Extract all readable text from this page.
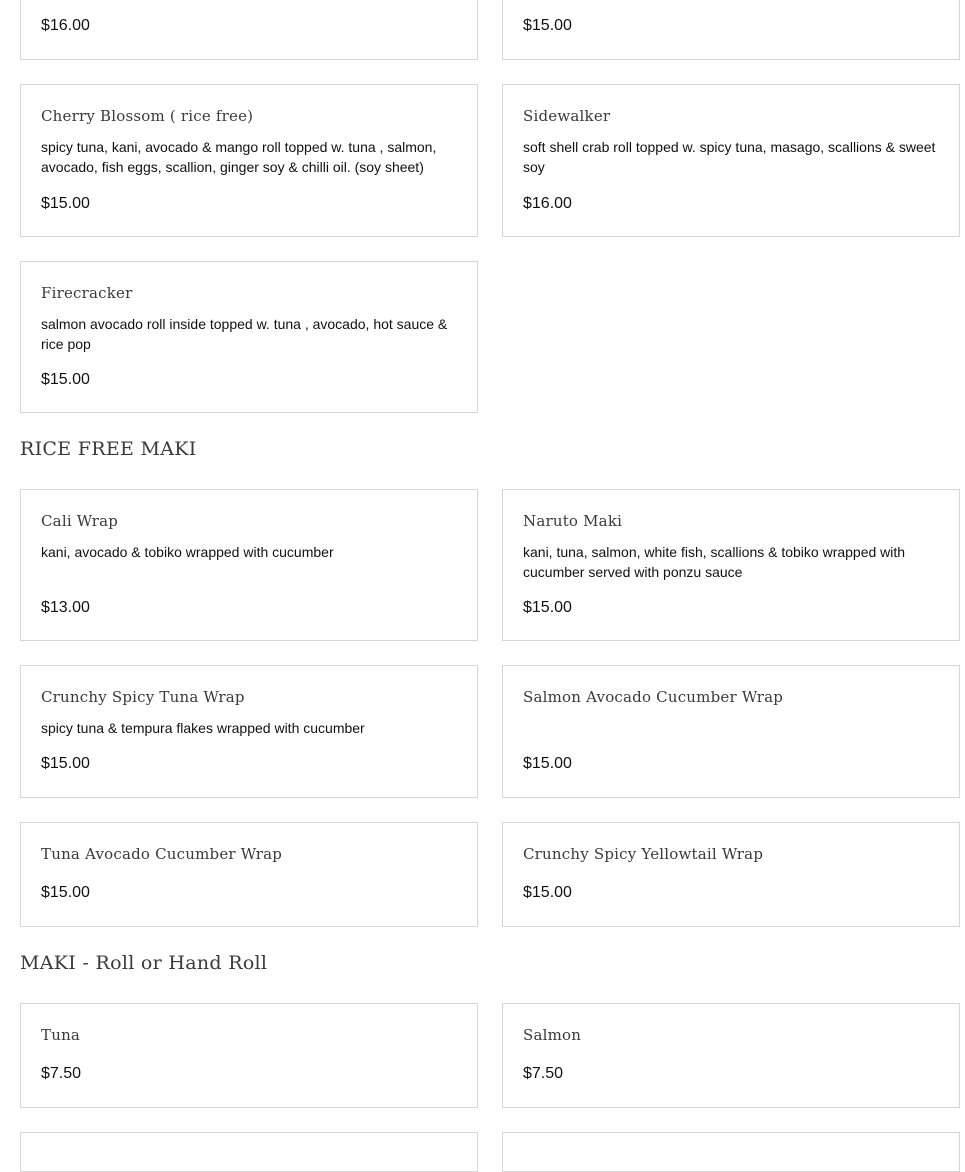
$16.00	$15.00
Cherry Blossom ( rice free)
spicy tuna, kani, avocado & mango roll topped w. tuna , salmon, avocado, fish eggs, scallion, ginger soy & chilli oil. (soy sheet)
$15.00
Sidewalker
soft shell crab roll topped w. spicy tuna, masago, scallions & sweet soy
$16.00
Firecracker
salmon avocado roll inside topped w. tuna , avocado, hot sauce & rice pop
$15.00
RICE FREE MAKI
Cali Wrap
kani, avocado & tobiko wrapped with cucumber
$13.00
Naruto Maki
kani, tuna, salmon, white fish, scallions & tobiko wrapped with cucumber served with ponzu sauce
$15.00
Crunchy Spicy Tuna Wrap
spicy tuna & tempura flakes wrapped with cucumber
$15.00
Salmon Avocado Cucumber Wrap
$15.00
Tuna Avocado Cucumber Wrap
$15.00
Crunchy Spicy Yellowtail Wrap
$15.00
MAKI - Roll or Hand Roll
Tuna
$7.50
Salmon
$7.50
